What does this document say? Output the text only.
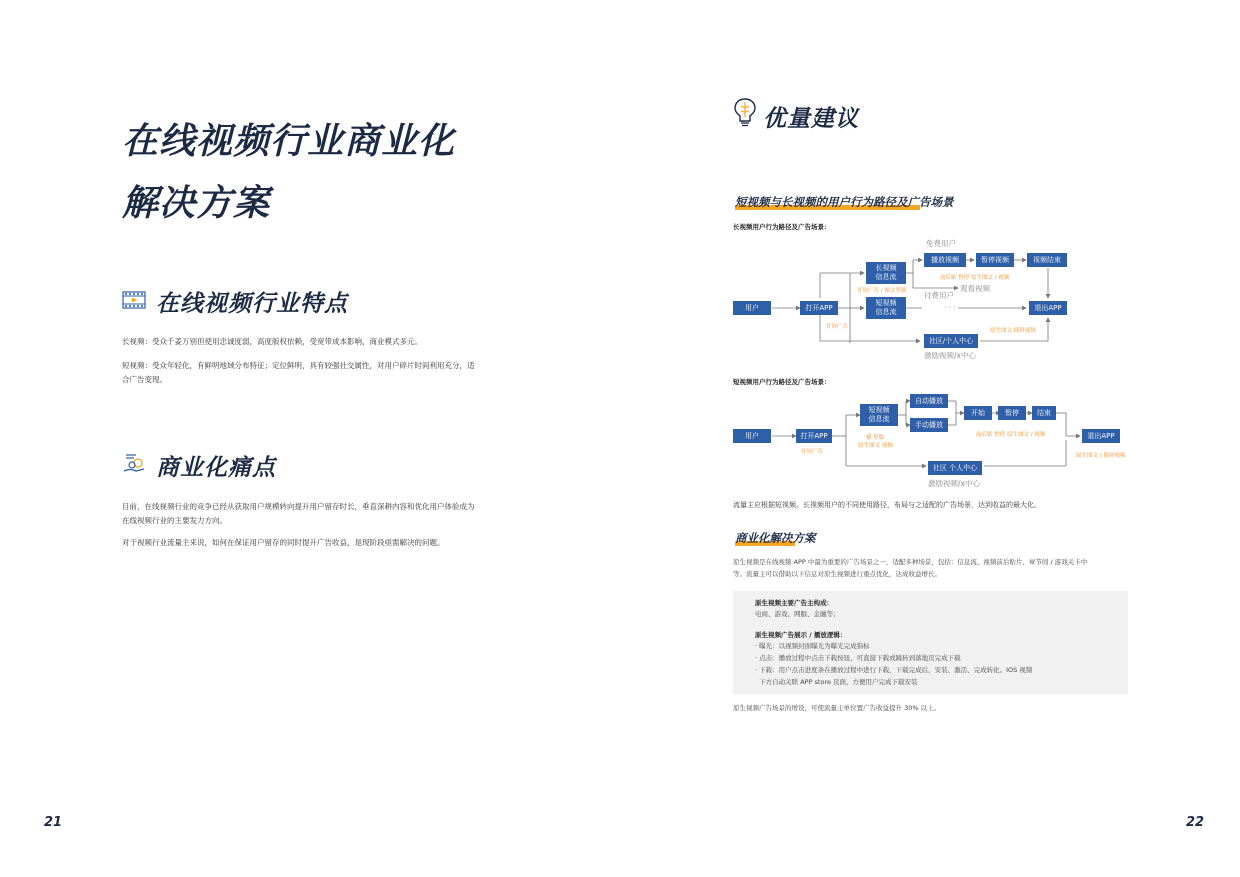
在线视频行业商业化
解决方案
在线视频行业特点
长视频：受众千姜万别但使用忠诚度弱，高度版权依赖，受宽带成本影响，商业模式多元。
短视频：受众年轻化，有鲜明地域分布特征；定位鲜明，具有较强社交属性，对用户碎片时间利用充分，适
合广告变现。
商业化痛点
目前，在线视频行业的竞争已经从获取用户规模转向提升用户留存时长，垂直深耕内容和优化用户体验成为
在线视频行业的主要发力方向。
对于视频行业流量主来说，如何在保证用户留存的同时提升广告收益，是现阶段亟需解决的问题。
21
优量建议
短视频与长视频的用户行为路径及广告场景
长视频用户行为路径及广告场景：
免费用户
播放视频	暂停视频	视频结束
前后贴 暂停 原生图文 / 视频
观看视频
长视频
信息流
开屏广告 / 图文竖频 付费用户
用户	打开APP
短视频
信息流	· · ·	退出APP
开屏广告
原生图文 插屏视频
社区/个人中心
激励视频/x中心
短视频用户行为路径及广告场景：
自动播放
短视频
信息流
开始	暂停	结束
手动播放
前后贴 暂停 原生图文 / 视频
用户	打开APP	横 竖版
原生图文 视频
退出APP
开屏广告
原生图文 / 插屏视频
社区 个人中心
激励视频/x中心
流量主应根据短视频、长视频用户的不同使用路径，布局与之适配的广告场景，达到收益的最大化。
商业化解决方案
原生视频是在线视频 APP 中最为重要的广告场景之一，适配多种场景，包括：信息流、视频前后贴片、章节间 / 游戏关卡中
等。流量主可以借助以下信息对原生视频进行重点优化，达成收益增长。
原生视频主要广告主构成：
电商、游戏、网服、金融等；
原生视频广告展示 / 播放逻辑：
· 曝光：以视频封面曝光为曝光完成指标
· 点击：播放过程中点击下载按钮，可直接下载或跳转到落地页完成下载
· 下载：用户点击进度条在播放过程中进行下载，下载完成后，安装、激活、完成转化。IOS 视频
下方自动关联 APP store 页面，方便用户完成下载安装
原生视频广告场景的增设，可使流量主单位置广告收益提升 30% 以上。
22
